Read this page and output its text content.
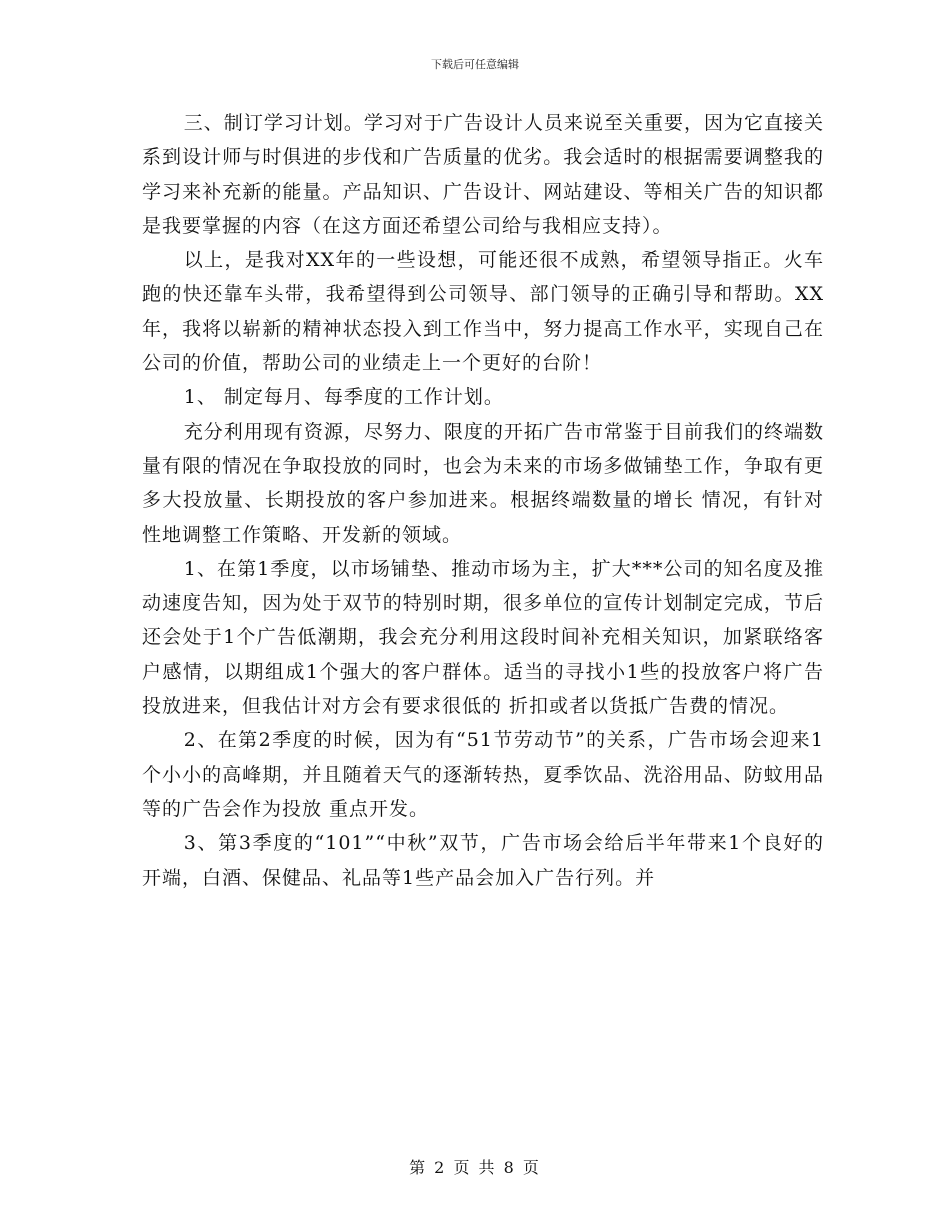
下载后可任意编辑

三、制订学习计划。学习对于广告设计人员来说至关重要，因为它直接关系到设计师与时俱进的步伐和广告质量的优劣。我会适时的根据需要调整我的学习来补充新的能量。产品知识、广告设计、网站建设、等相关广告的知识都是我要掌握的内容（在这方面还希望公司给与我相应支持）。

以上，是我对XX年的一些设想，可能还很不成熟，希望领导指正。火车跑的快还靠车头带，我希望得到公司领导、部门领导的正确引导和帮助。XX年，我将以崭新的精神状态投入到工作当中，努力提高工作水平，实现自己在公司的价值，帮助公司的业绩走上一个更好的台阶！

1、 制定每月、每季度的工作计划。

充分利用现有资源，尽努力、限度的开拓广告市常鉴于目前我们的终端数量有限的情况在争取投放的同时，也会为未来的市场多做铺垫工作，争取有更多大投放量、长期投放的客户参加进来。根据终端数量的增长 情况，有针对性地调整工作策略、开发新的领域。

1、在第1季度，以市场铺垫、推动市场为主，扩大***公司的知名度及推动速度告知，因为处于双节的特别时期，很多单位的宣传计划制定完成，节后还会处于1个广告低潮期，我会充分利用这段时间补充相关知识，加紧联络客户感情，以期组成1个强大的客户群体。适当的寻找小1些的投放客户将广告投放进来，但我估计对方会有要求很低的 折扣或者以货抵广告费的情况。

2、在第2季度的时候，因为有“51节劳动节”的关系，广告市场会迎来1个小小的高峰期，并且随着天气的逐渐转热，夏季饮品、洗浴用品、防蚊用品等的广告会作为投放 重点开发。

3、第3季度的“101”“中秋”双节，广告市场会给后半年带来1个良好的开端，白酒、保健品、礼品等1些产品会加入广告行列。并

第 2 页 共 8 页
